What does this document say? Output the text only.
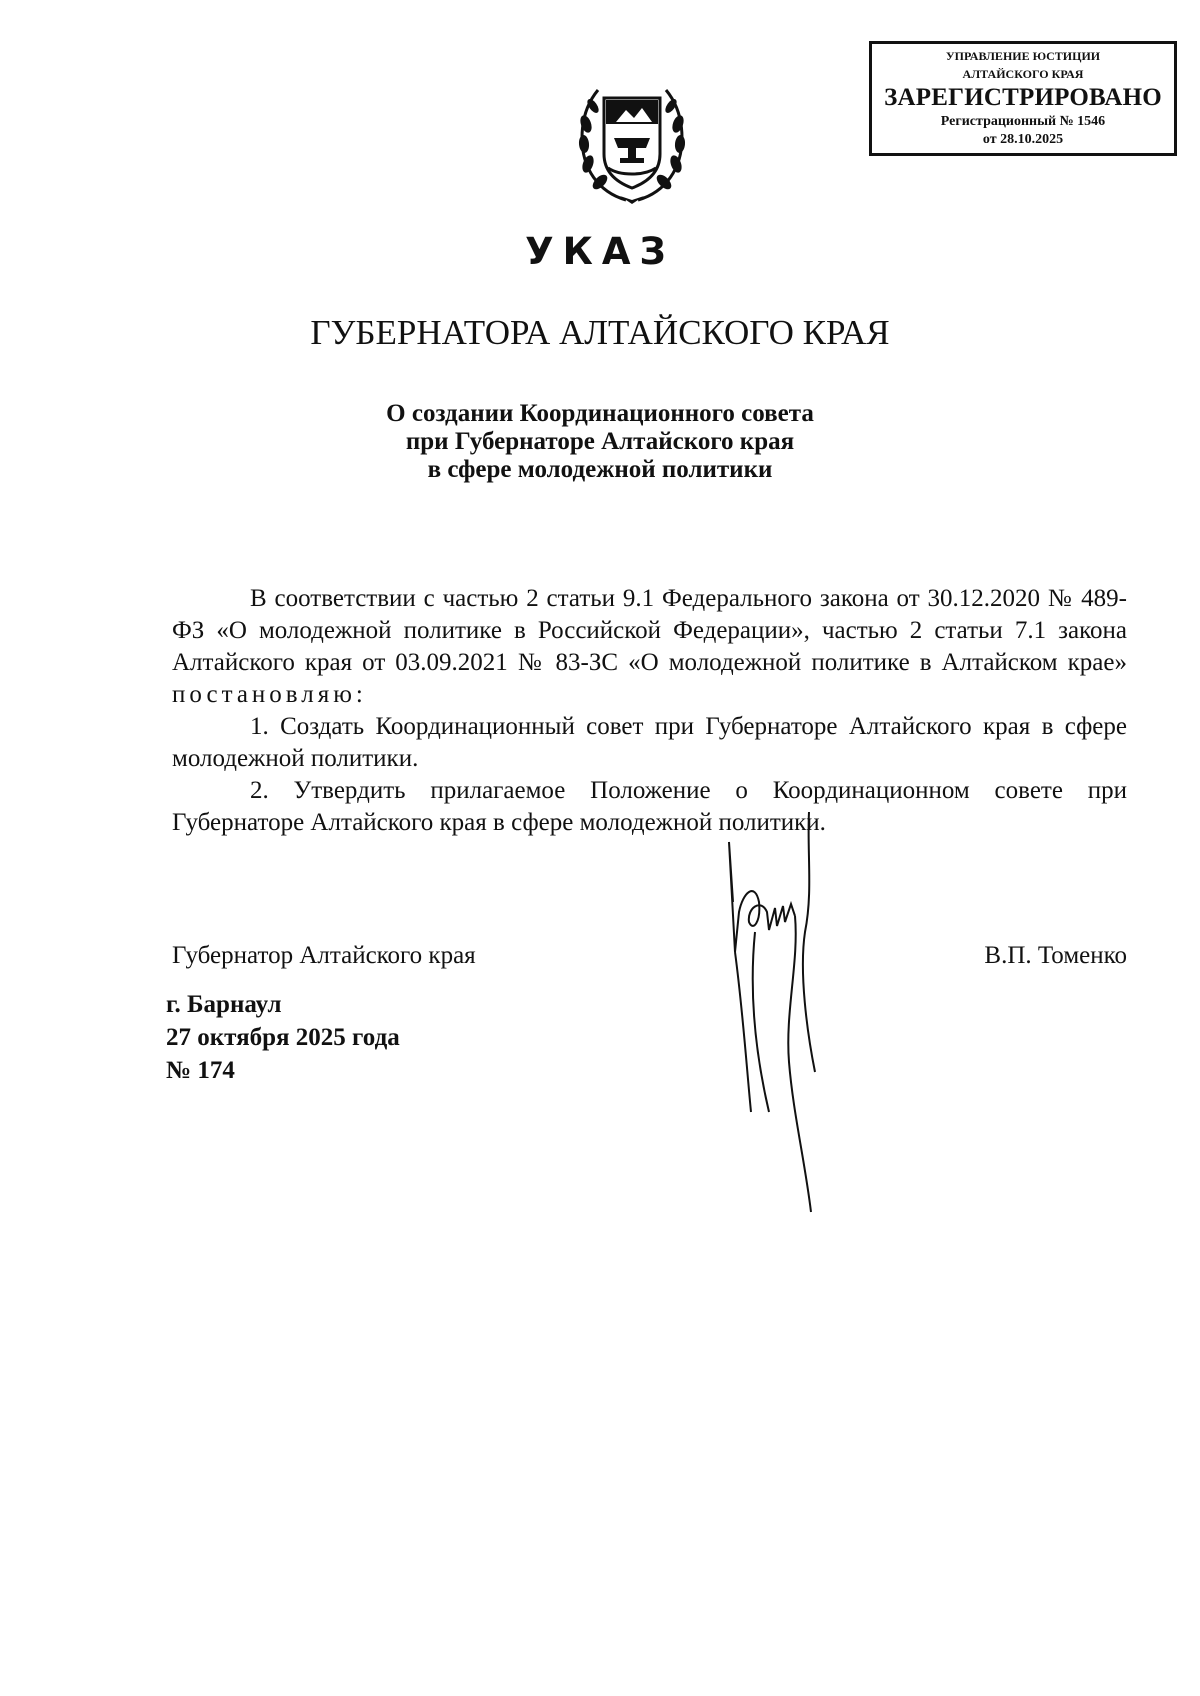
УПРАВЛЕНИЕ ЮСТИЦИИ
АЛТАЙСКОГО КРАЯ
ЗАРЕГИСТРИРОВАНО
Регистрационный № 1546
от 28.10.2025
УКАЗ
ГУБЕРНАТОРА АЛТАЙСКОГО КРАЯ
О создании Координационного совета
при Губернаторе Алтайского края
в сфере молодежной политики

В соответствии с частью 2 статьи 9.1 Федерального закона от 30.12.2020 № 489-ФЗ «О молодежной политике в Российской Федерации», частью 2 статьи 7.1 закона Алтайского края от 03.09.2021 № 83-ЗС «О молодежной политике в Алтайском крае» постановляю:

1. Создать Координационный совет при Губернаторе Алтайского края в сфере молодежной политики.

2. Утвердить прилагаемое Положение о Координационном совете при Губернаторе Алтайского края в сфере молодежной политики.

Губернатор Алтайского края	В.П. Томенко
г. Барнаул
27 октября 2025 года
№ 174
